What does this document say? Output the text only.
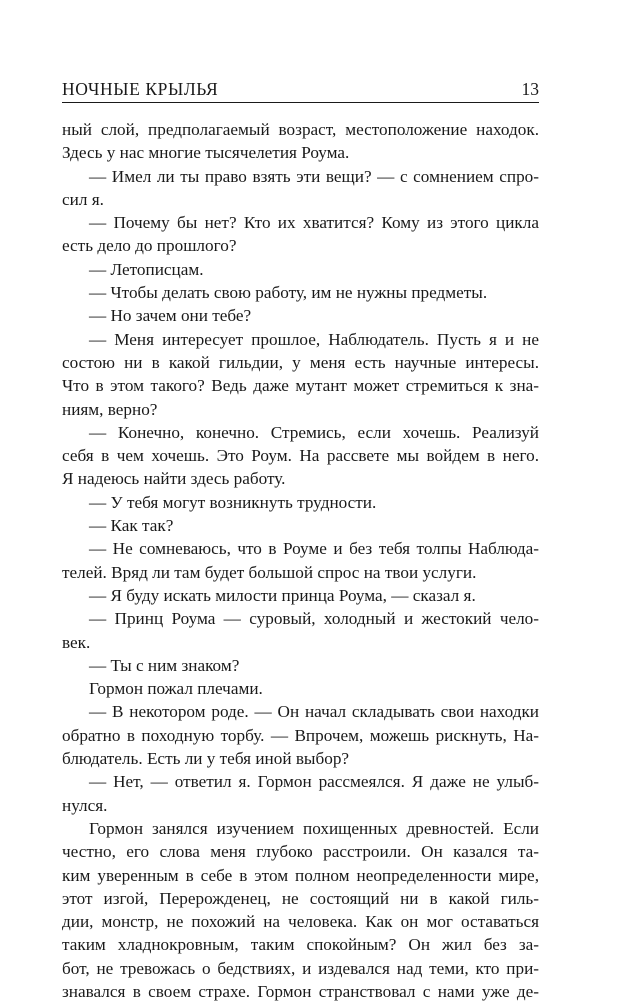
НОЧНЫЕ КРЫЛЬЯ	13
ный слой, предполагаемый возраст, местоположение находок.
Здесь у нас многие тысячелетия Роума.
— Имел ли ты право взять эти вещи? — с сомнением спро-
сил я.
— Почему бы нет? Кто их хватится? Кому из этого цикла
есть дело до прошлого?
— Летописцам.
— Чтобы делать свою работу, им не нужны предметы.
— Но зачем они тебе?
— Меня интересует прошлое, Наблюдатель. Пусть я и не
состою ни в какой гильдии, у меня есть научные интересы.
Что в этом такого? Ведь даже мутант может стремиться к зна-
ниям, верно?
— Конечно, конечно. Стремись, если хочешь. Реализуй
себя в чем хочешь. Это Роум. На рассвете мы войдем в него.
Я надеюсь найти здесь работу.
— У тебя могут возникнуть трудности.
— Как так?
— Не сомневаюсь, что в Роуме и без тебя толпы Наблюда-
телей. Вряд ли там будет большой спрос на твои услуги.
— Я буду искать милости принца Роума, — сказал я.
— Принц Роума — суровый, холодный и жестокий чело-
век.
— Ты с ним знаком?
Гормон пожал плечами.
— В некотором роде. — Он начал складывать свои находки
обратно в походную торбу. — Впрочем, можешь рискнуть, На-
блюдатель. Есть ли у тебя иной выбор?
— Нет, — ответил я. Гормон рассмеялся. Я даже не улыб-
нулся.
Гормон занялся изучением похищенных древностей. Если
честно, его слова меня глубоко расстроили. Он казался та-
ким уверенным в себе в этом полном неопределенности мире,
этот изгой, Перерожденец, не состоящий ни в какой гиль-
дии, монстр, не похожий на человека. Как он мог оставаться
таким хладнокровным, таким спокойным? Он жил без за-
бот, не тревожась о бедствиях, и издевался над теми, кто при-
знавался в своем страхе. Гормон странствовал с нами уже де-
